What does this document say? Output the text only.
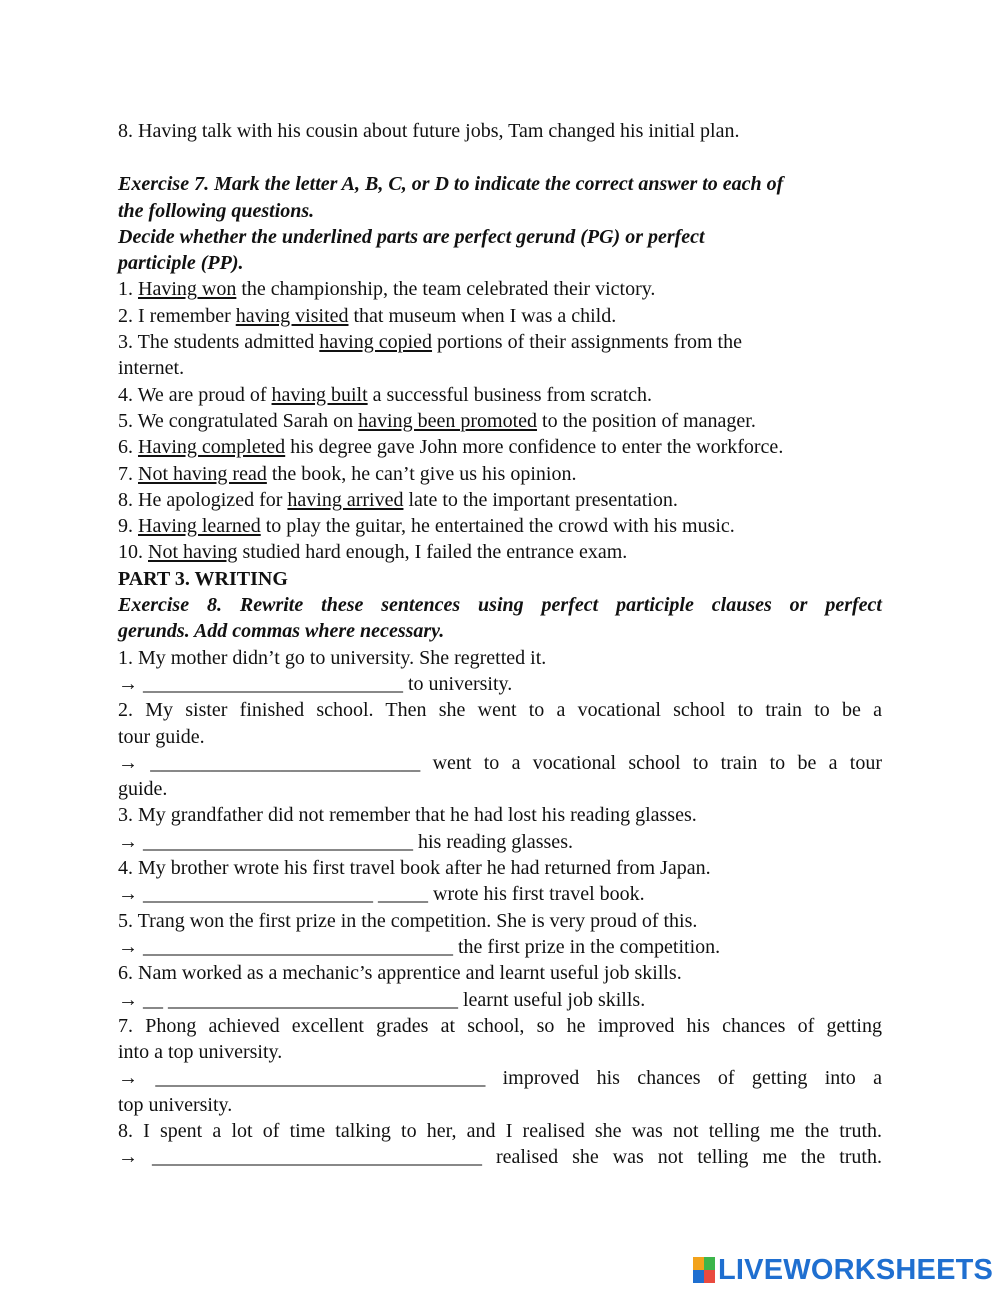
8. Having talk with his cousin about future jobs, Tam changed his initial plan.
Exercise 7. Mark the letter A, B, C, or D to indicate the correct answer to each of
the following questions.
Decide whether the underlined parts are perfect gerund (PG) or perfect
participle (PP).
1. Having won the championship, the team celebrated their victory.
2. I remember having visited that museum when I was a child.
3. The students admitted having copied portions of their assignments from the
internet.
4. We are proud of having built a successful business from scratch.
5. We congratulated Sarah on having been promoted to the position of manager.
6. Having completed his degree gave John more confidence to enter the workforce.
7. Not having read the book, he can’t give us his opinion.
8. He apologized for having arrived late to the important presentation.
9. Having learned to play the guitar, he entertained the crowd with his music.
10. Not having studied hard enough, I failed the entrance exam.
PART 3. WRITING
Exercise 8. Rewrite these sentences using perfect participle clauses or perfect
gerunds. Add commas where necessary.
1. My mother didn’t go to university. She regretted it.
→ __________________________ to university.
2. My sister finished school. Then she went to a vocational school to train to be a
tour guide.
→ ___________________________ went to a vocational school to train to be a tour
guide.
3. My grandfather did not remember that he had lost his reading glasses.
→ ___________________________ his reading glasses.
4. My brother wrote his first travel book after he had returned from Japan.
→ _______________________ _____ wrote his first travel book.
5. Trang won the first prize in the competition. She is very proud of this.
→ _______________________________ the first prize in the competition.
6. Nam worked as a mechanic’s apprentice and learnt useful job skills.
→ __ _____________________________ learnt useful job skills.
7. Phong achieved excellent grades at school, so he improved his chances of getting
into a top university.
→ _________________________________ improved his chances of getting into a
top university.
8. I spent a lot of time talking to her, and I realised she was not telling me the truth.
→ _________________________________ realised she was not telling me the truth.
LIVEWORKSHEETS
